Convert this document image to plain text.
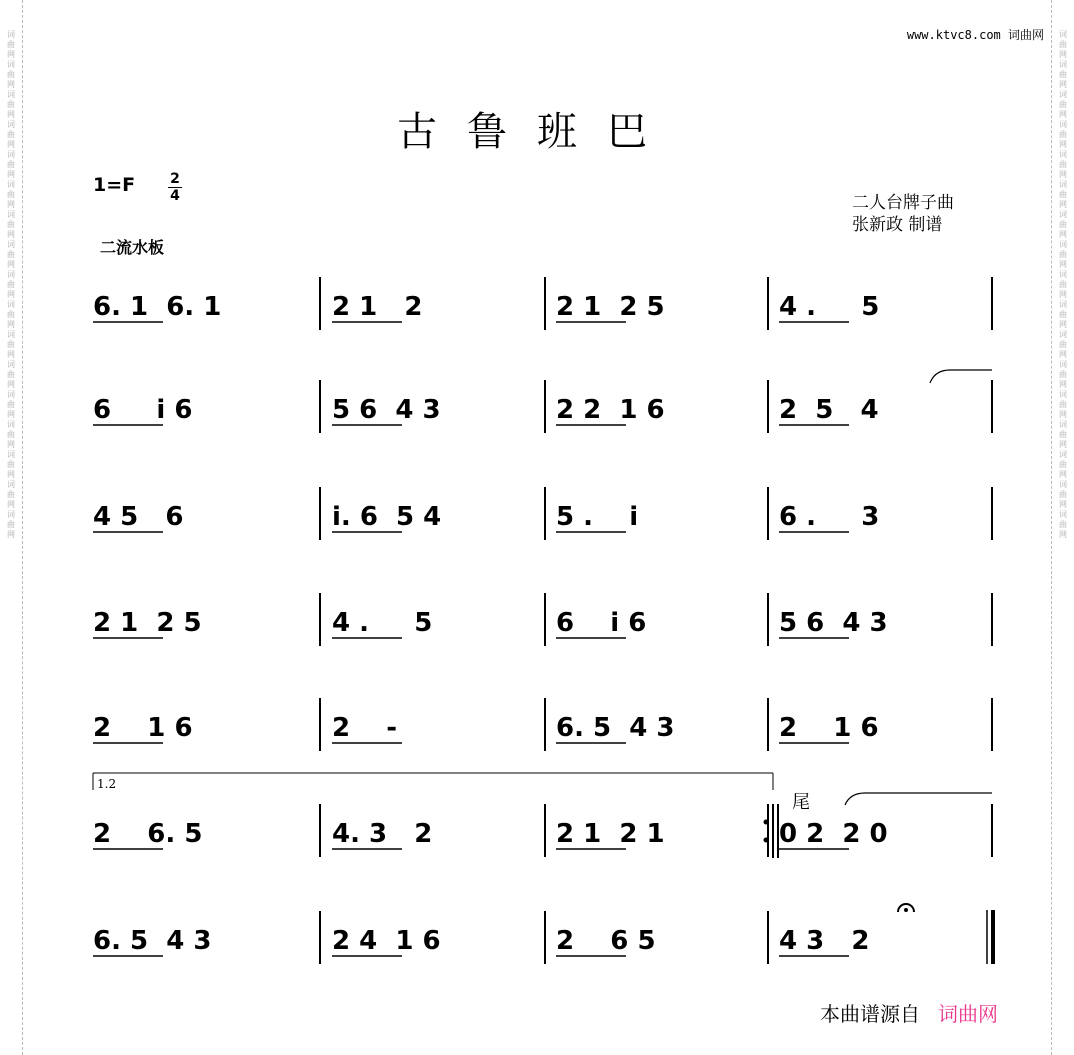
词
曲
网
词
曲
网
词
曲
网
词
曲
网
词
曲
网
词
曲
网
词
曲
网
词
曲
网
词
曲
网
词
曲
网
词
曲
网
词
曲
网
词
曲
网
词
曲
网
词
曲
网
词
曲
网
词
曲
网
词
曲
网
词
曲
网
词
曲
网
词
曲
网
词
曲
网
词
曲
网
词
曲
网
词
曲
网
词
曲
网
词
曲
网
词
曲
网
词
曲
网
词
曲
网
词
曲
网
词
曲
网
词
曲
网
词
曲
网
www.ktvc8.com 词曲网
古鲁班巴
1=F	2
4	二人台牌子曲
张新政 制谱
二流水板
6. 1  6. 1	2 1   2	2 1  2 5	4 .     5
6     i 6	5 6  4 3	2 2  1 6	2  5   4
4 5   6	i. 6  5 4	5 .    i	6 .     3
2 1  2 5	4 .     5	6    i 6	5 6  4 3
2    1 6	2    -	6. 5  4 3	2    1 6
2    6. 5	4. 3   2	2 1  2 1	0 2  2 0
6. 5  4 3	2 4  1 6	2    6 5	4 3   2
1.2
尾
本曲谱源自 词曲网
